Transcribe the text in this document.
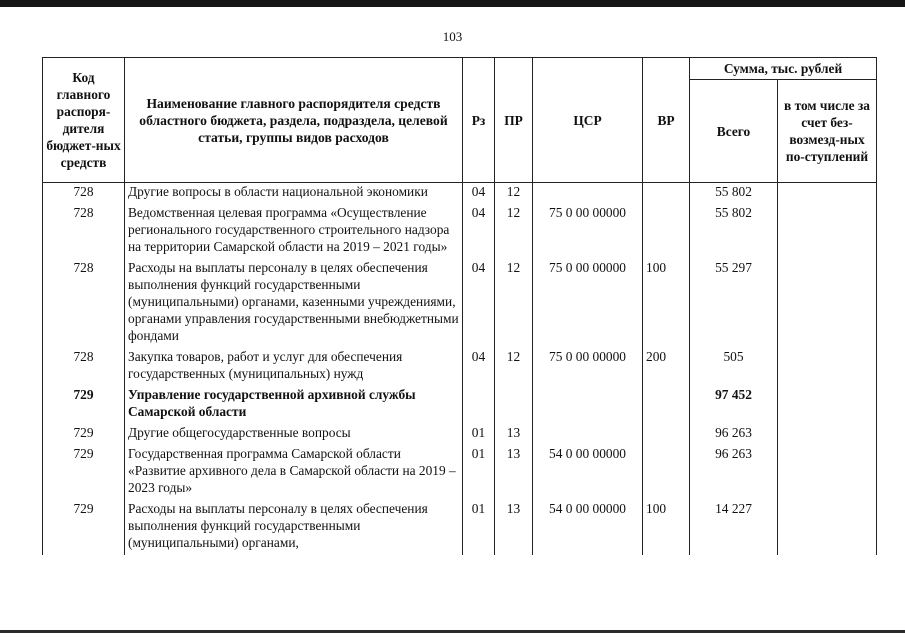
103
Код главного распоря-дителя бюджет-ных средств	Наименование главного распорядителя средств областного бюджета, раздела, подраздела, целевой статьи, группы видов расходов	Рз	ПР	ЦСР	ВР	Сумма, тыс. рублей	
						Всего	в том числе за счет без-возмезд-ных по-ступлений
728	Другие вопросы в области национальной экономики	04	12			55 802	
728	Ведомственная целевая программа «Осуществление регионального государственного строительного надзора на территории Самарской области на 2019 – 2021 годы»	04	12	75 0 00 00000		55 802	
728	Расходы на выплаты персоналу в целях обеспечения выполнения функций государственными (муниципальными) органами, казенными учреждениями, органами управления государственными внебюджетными фондами	04	12	75 0 00 00000	100	55 297	
728	Закупка товаров, работ и услуг для обеспечения государственных (муниципальных) нужд	04	12	75 0 00 00000	200	505	
729	Управление государственной архивной службы Самарской области					97 452	
729	Другие общегосударственные вопросы	01	13			96 263	
729	Государственная программа Самарской области «Развитие архивного дела в Самарской области на 2019 – 2023 годы»	01	13	54 0 00 00000		96 263	
729	Расходы на выплаты персоналу в целях обеспечения выполнения функций государственными (муниципальными) органами,	01	13	54 0 00 00000	100	14 227	
